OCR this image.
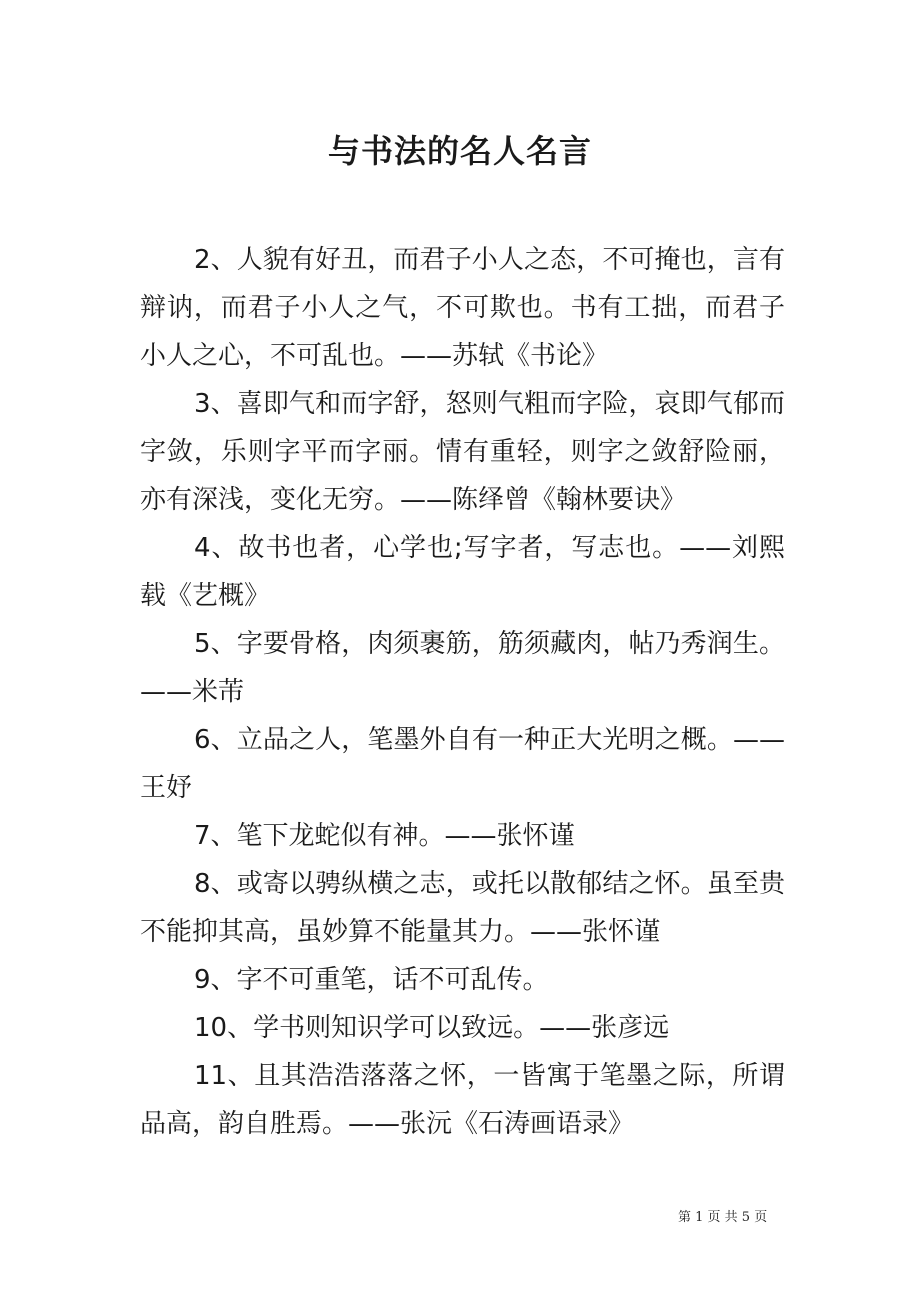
与书法的名人名言

2、人貌有好丑，而君子小人之态，不可掩也，言有辩讷，而君子小人之气，不可欺也。书有工拙，而君子小人之心，不可乱也。——苏轼《书论》

3、喜即气和而字舒，怒则气粗而字险，哀即气郁而字敛，乐则字平而字丽。情有重轻，则字之敛舒险丽，亦有深浅，变化无穷。——陈绎曾《翰林要诀》

4、故书也者，心学也;写字者，写志也。——刘熙载《艺概》

5、字要骨格，肉须裹筋，筋须藏肉，帖乃秀润生。——米芾

6、立品之人，笔墨外自有一种正大光明之概。——王妤

7、笔下龙蛇似有神。——张怀谨

8、或寄以骋纵横之志，或托以散郁结之怀。虽至贵不能抑其高，虽妙算不能量其力。——张怀谨

9、字不可重笔，话不可乱传。

10、学书则知识学可以致远。——张彦远

11、且其浩浩落落之怀，一皆寓于笔墨之际，所谓品高，韵自胜焉。——张沅《石涛画语录》

第 1 页 共 5 页
